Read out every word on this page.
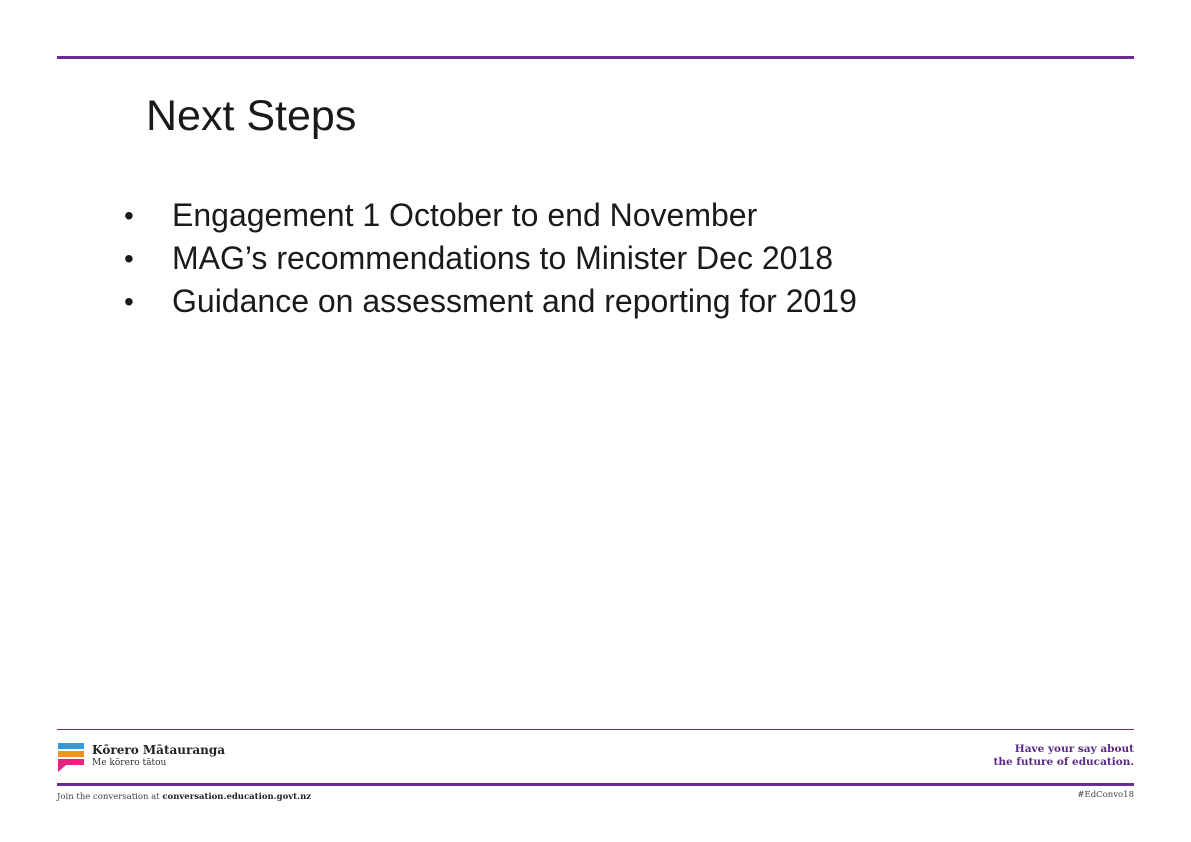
Next Steps
• Engagement 1 October to end November
• MAG’s recommendations to Minister Dec 2018
• Guidance on assessment and reporting for 2019
Kōrero Mātauranga
Me kōrero tātou
Have your say about
the future of education.
Join the conversation at conversation.education.govt.nz	#EdConvo18
